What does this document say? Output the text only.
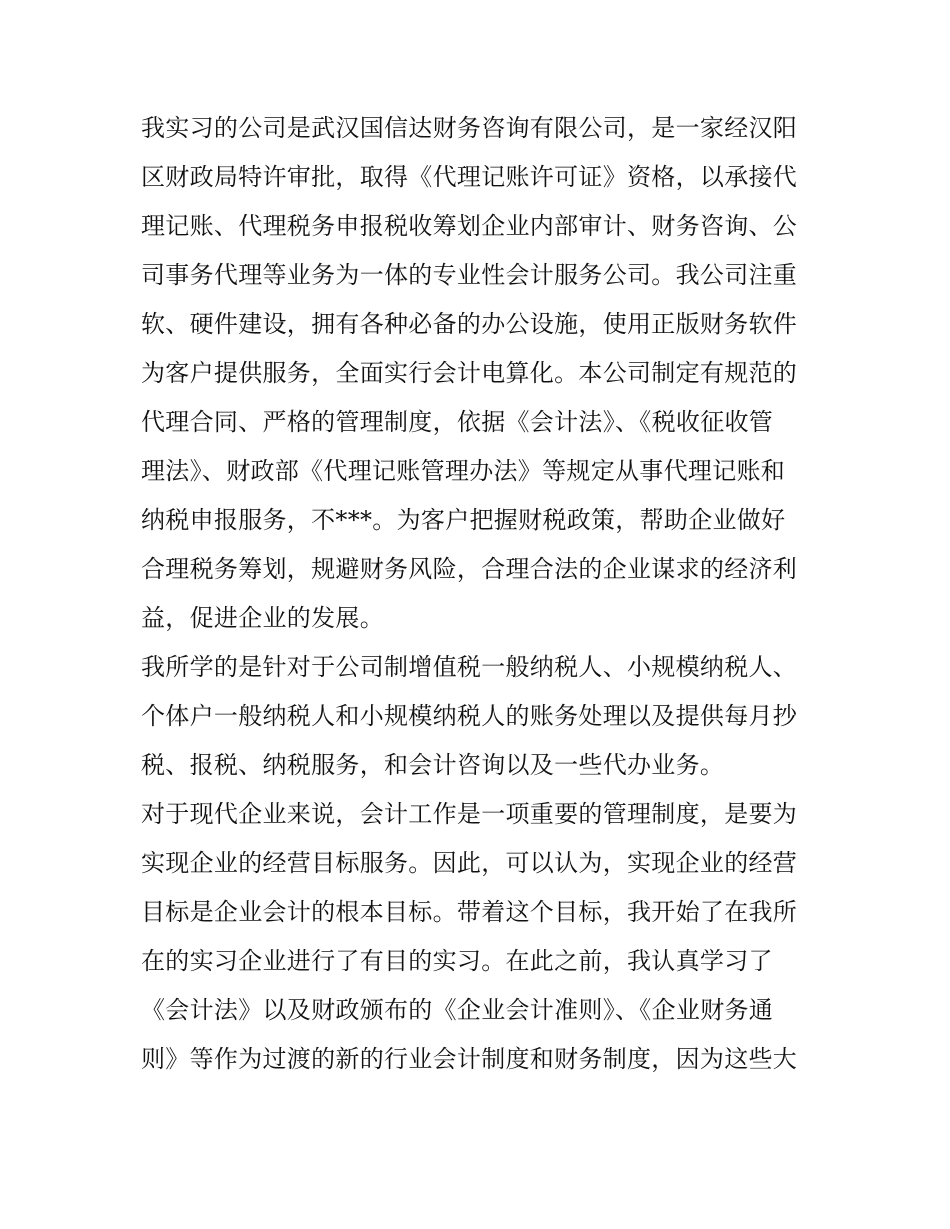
我实习的公司是武汉国信达财务咨询有限公司，是一家经汉阳
区财政局特许审批，取得《代理记账许可证》资格，以承接代
理记账、代理税务申报税收筹划企业内部审计、财务咨询、公
司事务代理等业务为一体的专业性会计服务公司。我公司注重
软、硬件建设，拥有各种必备的办公设施，使用正版财务软件
为客户提供服务，全面实行会计电算化。本公司制定有规范的
代理合同、严格的管理制度，依据《会计法》、《税收征收管
理法》、财政部《代理记账管理办法》等规定从事代理记账和
纳税申报服务，不***。为客户把握财税政策，帮助企业做好
合理税务筹划，规避财务风险，合理合法的企业谋求的经济利
益，促进企业的发展。
我所学的是针对于公司制增值税一般纳税人、小规模纳税人、
个体户一般纳税人和小规模纳税人的账务处理以及提供每月抄
税、报税、纳税服务，和会计咨询以及一些代办业务。
对于现代企业来说，会计工作是一项重要的管理制度，是要为
实现企业的经营目标服务。因此，可以认为，实现企业的经营
目标是企业会计的根本目标。带着这个目标，我开始了在我所
在的实习企业进行了有目的实习。在此之前，我认真学习了
《会计法》以及财政颁布的《企业会计准则》、《企业财务通
则》等作为过渡的新的行业会计制度和财务制度，因为这些大
